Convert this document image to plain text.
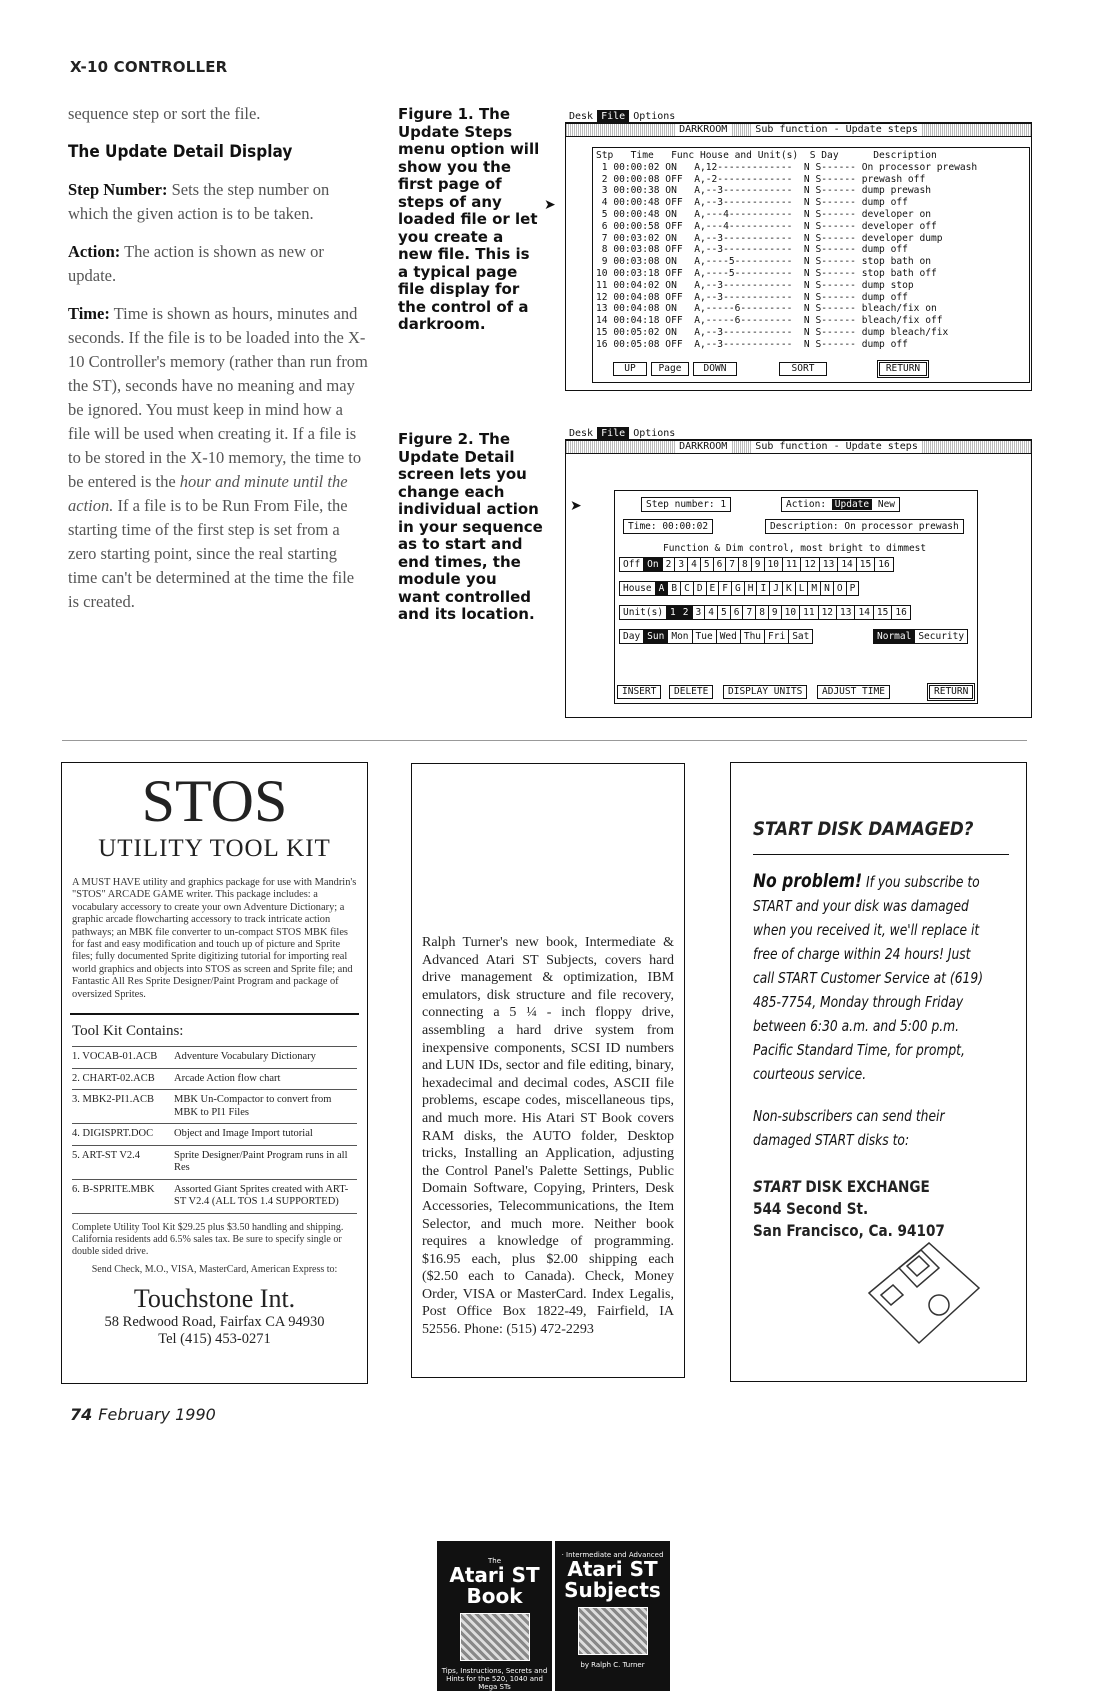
X-10 CONTROLLER

sequence step or sort the file.

The Update Detail Display

Step Number: Sets the step number on which the given action is to be taken.

Action: The action is shown as new or update.

Time: Time is shown as hours, minutes and seconds. If the file is to be loaded into the X-10 Controller's memory (rather than run from the ST), seconds have no meaning and may be ignored. You must keep in mind how a file will be used when creating it. If a file is to be stored in the X-10 memory, the time to be entered is the hour and minute until the action. If a file is to be Run From File, the starting time of the first step is set from a zero starting point, since the real starting time can't be determined at the time the file is created.

Figure 1. The Update Steps menu option will show you the first page of steps of any loaded file or let you create a new file. This is a typical page file display for the control of a darkroom.
Desk File Options
DARKROOM	Sub function - Update steps
➤
Stp   Time   Func House and Unit(s)  S Day      Description
1 00:00:02 ON   A,12-------------  N S------ On processor prewash
2 00:00:08 OFF  A,-2-------------  N S------ prewash off
3 00:00:38 ON   A,--3------------  N S------ dump prewash
4 00:00:48 OFF  A,--3------------  N S------ dump off
5 00:00:48 ON   A,---4-----------  N S------ developer on
6 00:00:58 OFF  A,---4-----------  N S------ developer off
7 00:03:02 ON   A,--3------------  N S------ developer dump
8 00:03:08 OFF  A,--3------------  N S------ dump off
9 00:03:08 ON   A,----5----------  N S------ stop bath on
10 00:03:18 OFF  A,----5----------  N S------ stop bath off
11 00:04:02 ON   A,--3------------  N S------ dump stop
12 00:04:08 OFF  A,--3------------  N S------ dump off
13 00:04:08 ON   A,-----6---------  N S------ bleach/fix on
14 00:04:18 OFF  A,-----6---------  N S------ bleach/fix off
15 00:05:02 ON   A,--3------------  N S------ dump bleach/fix
16 00:05:08 OFF  A,--3------------  N S------ dump off
UP	Page	DOWN	SORT	RETURN
Figure 2. The Update Detail screen lets you change each individual action in your sequence as to start and end times, the module you want controlled and its location.
Desk File Options
DARKROOM	Sub function - Update steps
➤	Step number: 1	Action: Update New
Time: 00:00:02	Description: On processor prewash
Function & Dim control, most bright to dimmest
Off On 2 3 4 5 6 7 8 9 10 11 12 13 14 15 16
House A B C D E F G H I J K L M N O P
Unit(s) 1 2 3 4 5 6 7 8 9 10 11 12 13 14 15 16
Day Sun Mon Tue Wed Thu Fri Sat	Normal Security
INSERT	DELETE	DISPLAY UNITS	ADJUST TIME	RETURN
STOS
UTILITY TOOL KIT
A MUST HAVE utility and graphics package for use with Mandrin's "STOS" ARCADE GAME writer. This package includes: a vocabulary accessory to create your own Adventure Dictionary; a graphic arcade flowcharting accessory to track intricate action pathways; an MBK file converter to un-compact STOS MBK files for fast and easy modification and touch up of picture and Sprite files; fully documented Sprite digitizing tutorial for importing real world graphics and objects into STOS as screen and Sprite file; and Fantastic All Res Sprite Designer/Paint Program and package of oversized Sprites.
Tool Kit Contains:
1. VOCAB-01.ACB	Adventure Vocabulary Dictionary
2. CHART-02.ACB	Arcade Action flow chart
3. MBK2-PI1.ACB	MBK Un-Compactor to convert from MBK to PI1 Files
4. DIGISPRT.DOC	Object and Image Import tutorial
5. ART-ST V2.4	Sprite Designer/Paint Program runs in all Res
6. B-SPRITE.MBK	Assorted Giant Sprites created with ART-ST V2.4 (ALL TOS 1.4 SUPPORTED)
Complete Utility Tool Kit $29.25 plus $3.50 handling and shipping. California residents add 6.5% sales tax. Be sure to specify single or double sided drive.
Send Check, M.O., VISA, MasterCard, American Express to:
Touchstone Int.
58 Redwood Road, Fairfax CA 94930
Tel (415) 453-0271
The
Atari ST Book
Tips, Instructions, Secrets and Hints for the 520, 1040 and Mega STs
by Ralph C. Turner
· Intermediate and Advanced
Atari ST Subjects
by Ralph C. Turner

Ralph Turner's new book, Intermediate & Advanced Atari ST Subjects, covers hard drive management & optimization, IBM emulators, disk structure and file recovery, connecting a 5 ¼ - inch floppy drive, assembling a hard drive system from inexpensive components, SCSI ID numbers and LUN IDs, sector and file editing, binary, hexadecimal and decimal codes, ASCII file problems, escape codes, miscellaneous tips, and much more. His Atari ST Book covers RAM disks, the AUTO folder, Desktop tricks, Installing an Application, adjusting the Control Panel's Palette Settings, Public Domain Software, Copying, Printers, Desk Accessories, Telecommunications, the Item Selector, and much more. Neither book requires a knowledge of programming. $16.95 each, plus $2.00 shipping each ($2.50 each to Canada). Check, Money Order, VISA or MasterCard. Index Legalis, Post Office Box 1822-49, Fairfield, IA 52556. Phone: (515) 472-2293

START DISK DAMAGED?
No problem! If you subscribe to START and your disk was damaged when you received it, we'll replace it free of charge within 24 hours! Just call START Customer Service at (619) 485-7754, Monday through Friday between 6:30 a.m. and 5:00 p.m. Pacific Standard Time, for prompt, courteous service.
Non-subscribers can send their damaged START disks to:
START DISK EXCHANGE
544 Second St.
San Francisco, Ca. 94107
74 February 1990
